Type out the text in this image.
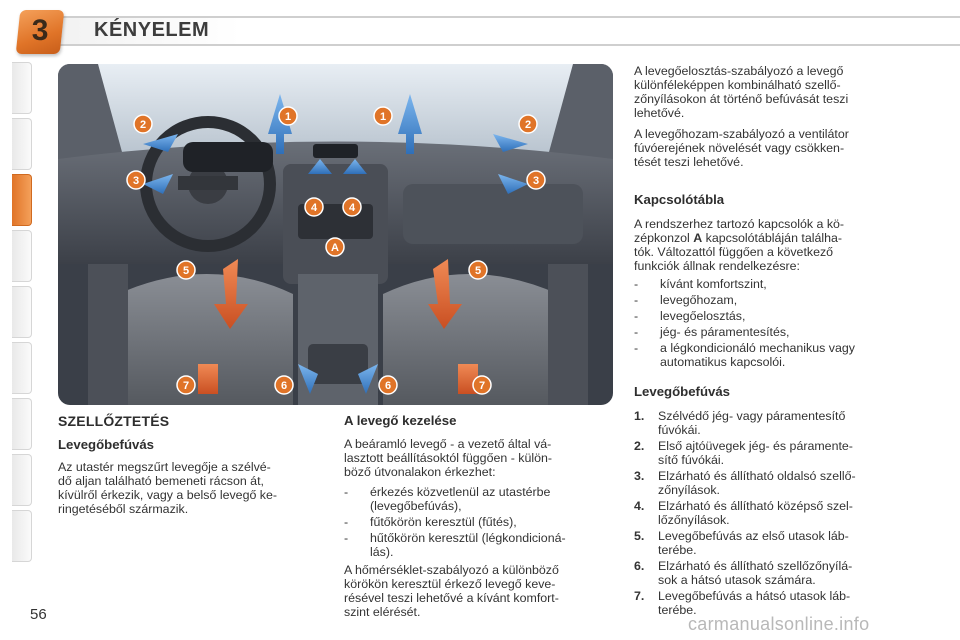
3	KÉNYELEM
1	1
2	2
3	3
4	4
5	5
6	6
7	7
A
SZELLŐZTETÉS
Levegőbefúvás
Az utastér megszűrt levegője a szélvé-
dő aljan található bemeneti rácson át,
kívülről érkezik, vagy a belső levegő ke-
ringetéséből származik.
A levegő kezelése
A beáramló levegő - a vezető által vá-
lasztott beállításoktól függően - külön-
böző útvonalakon érkezhet:
- érkezés közvetlenül az utastérbe
(levegőbefúvás),
- fűtőkörön keresztül (fűtés),
- hűtőkörön keresztül (légkondicioná-
lás).
A hőmérséklet-szabályozó a különböző
körökön keresztül érkező levegő keve-
résével teszi lehetővé a kívánt komfort-
szint elérését.
A levegőelosztás-szabályozó a levegő
különféleképpen kombinálható szellő-
zőnyílásokon át történő befúvását teszi
lehetővé.
A levegőhozam-szabályozó a ventilátor
fúvóerejének növelését vagy csökken-
tését teszi lehetővé.
Kapcsolótábla
A rendszerhez tartozó kapcsolók a kö-
zépkonzol A kapcsolótábláján találha-
tók. Változattól függően a következő
funkciók állnak rendelkezésre:
- kívánt komfortszint,
- levegőhozam,
- levegőelosztás,
- jég- és páramentesítés,
- a légkondicionáló mechanikus vagy
automatikus kapcsolói.
Levegőbefúvás
1. Szélvédő jég- vagy páramentesítő
fúvókái.
2. Első ajtóüvegek jég- és páramente-
sítő fúvókái.
3. Elzárható és állítható oldalsó szellő-
zőnyílások.
4. Elzárható és állítható középső szel-
lőzőnyílások.
5. Levegőbefúvás az első utasok láb-
terébe.
6. Elzárható és állítható szellőzőnyílá-
sok a hátsó utasok számára.
7. Levegőbefúvás a hátsó utasok láb-
terébe.
56	carmanualsonline.info
